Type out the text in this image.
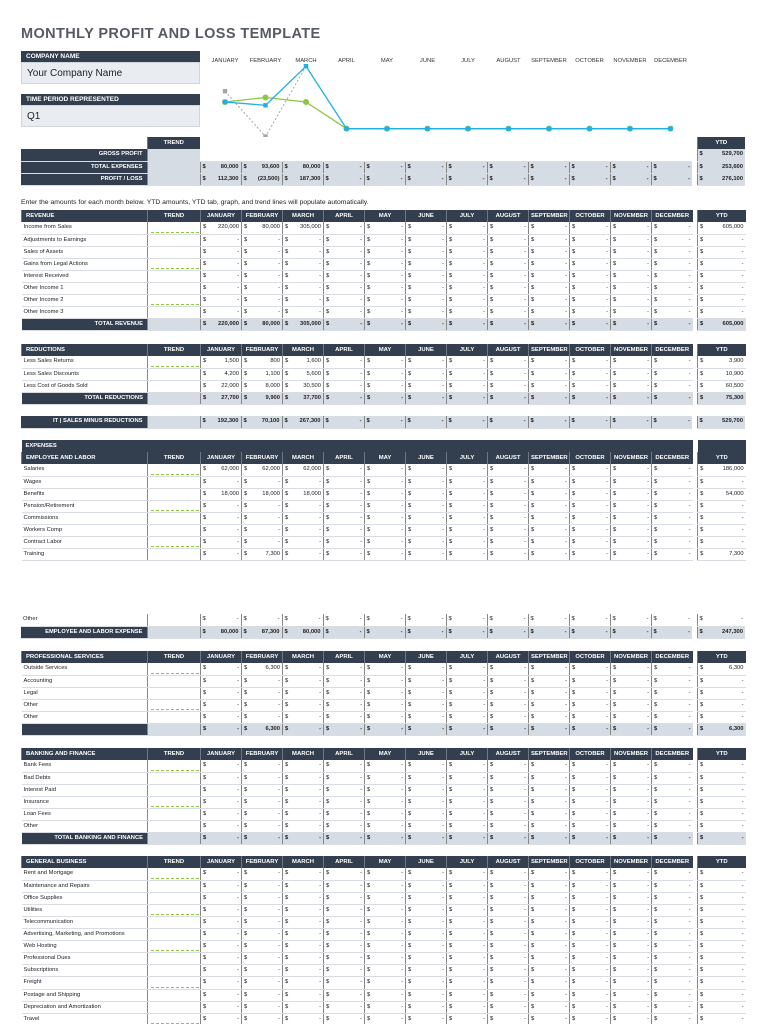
MONTHLY PROFIT AND LOSS TEMPLATE
COMPANY NAME
Your Company Name
TIME PERIOD REPRESENTED
Q1
JANUARY FEBRUARY MARCH	APRIL	MAY	JUNE	JULY	AUGUST SEPTEMBER OCTOBER NOVEMBER DECEMBER
	TREND														YTD
GROSS PROFIT															$ 529,700

TOTAL EXPENSES		$ 80,000	$ 93,600	$ 80,000	$ -	$ -	$ -	$ -	$ -	$ -	$ -	$ -	$ -		$ 253,600

PROFIT / LOSS		$ 112,300	$ (23,500)	$ 187,300	$ -	$ -	$ -	$ -	$ -	$ -	$ -	$ -	$ -		$ 276,100
Enter the amounts for each month below. YTD amounts, YTD tab, graph, and trend lines will populate automatically.
REVENUE	TREND	JANUARY	FEBRUARY	MARCH	APRIL	MAY	JUNE	JULY	AUGUST	SEPTEMBER	OCTOBER	NOVEMBER	DECEMBER		YTD
Income from Sales		$ 220,000	$ 80,000	$ 305,000	$ -	$ -	$ -	$ -	$ -	$ -	$ -	$ -	$ -		$ 605,000

Adjustments to Earnings		$ -	$ -	$ -	$ -	$ -	$ -	$ -	$ -	$ -	$ -	$ -	$ -		$ -

Sales of Assets		$ -	$ -	$ -	$ -	$ -	$ -	$ -	$ -	$ -	$ -	$ -	$ -		$ -

Gains from Legal Actions		$ -	$ -	$ -	$ -	$ -	$ -	$ -	$ -	$ -	$ -	$ -	$ -		$ -

Interest Received		$ -	$ -	$ -	$ -	$ -	$ -	$ -	$ -	$ -	$ -	$ -	$ -		$ -

Other Income 1		$ -	$ -	$ -	$ -	$ -	$ -	$ -	$ -	$ -	$ -	$ -	$ -		$ -

Other Income 2		$ -	$ -	$ -	$ -	$ -	$ -	$ -	$ -	$ -	$ -	$ -	$ -		$ -

Other Income 3		$ -	$ -	$ -	$ -	$ -	$ -	$ -	$ -	$ -	$ -	$ -	$ -		$ -

TOTAL REVENUE		$ 220,000	$ 80,000	$ 305,000	$ -	$ -	$ -	$ -	$ -	$ -	$ -	$ -	$ -		$ 605,000
REDUCTIONS	TREND	JANUARY	FEBRUARY	MARCH	APRIL	MAY	JUNE	JULY	AUGUST	SEPTEMBER	OCTOBER	NOVEMBER	DECEMBER		YTD
Less Sales Returns		$ 1,500	$ 800	$ 1,600	$ -	$ -	$ -	$ -	$ -	$ -	$ -	$ -	$ -		$ 3,900

Less Sales Discounts		$ 4,200	$ 1,100	$ 5,600	$ -	$ -	$ -	$ -	$ -	$ -	$ -	$ -	$ -		$ 10,900

Less Cost of Goods Sold		$ 22,000	$ 8,000	$ 30,500	$ -	$ -	$ -	$ -	$ -	$ -	$ -	$ -	$ -		$ 60,500

TOTAL REDUCTIONS		$ 27,700	$ 9,900	$ 37,700	$ -	$ -	$ -	$ -	$ -	$ -	$ -	$ -	$ -		$ 75,300
IT | SALES MINUS REDUCTIONS		$ 192,300	$	70,100	$ 267,300	$	-	$	-	$	-	$	-	$	-	$	-	$	-	$	-	$	-		$	529,700
EXPENSES															
EMPLOYEE AND LABOR	TREND	JANUARY	FEBRUARY	MARCH	APRIL	MAY	JUNE	JULY	AUGUST	SEPTEMBER	OCTOBER	NOVEMBER	DECEMBER		YTD
Salaries		$ 62,000	$ 62,000	$ 62,000	$ -	$ -	$ -	$ -	$ -	$ -	$ -	$ -	$ -		$ 186,000

Wages		$ -	$ -	$ -	$ -	$ -	$ -	$ -	$ -	$ -	$ -	$ -	$ -		$ -

Benefits		$ 18,000	$ 18,000	$ 18,000	$ -	$ -	$ -	$ -	$ -	$ -	$ -	$ -	$ -		$ 54,000

Pension/Retirement		$ -	$ -	$ -	$ -	$ -	$ -	$ -	$ -	$ -	$ -	$ -	$ -		$ -

Commissions		$ -	$ -	$ -	$ -	$ -	$ -	$ -	$ -	$ -	$ -	$ -	$ -		$ -

Workers Comp		$ -	$ -	$ -	$ -	$ -	$ -	$ -	$ -	$ -	$ -	$ -	$ -		$ -

Contract Labor		$ -	$ -	$ -	$ -	$ -	$ -	$ -	$ -	$ -	$ -	$ -	$ -		$ -

Training		$ -	$ 7,300	$ -	$ -	$ -	$ -	$ -	$ -	$ -	$ -	$ -	$ -		$ 7,300
Other		$ -	$ -	$ -	$ -	$ -	$ -	$ -	$ -	$ -	$ -	$ -	$ -		$ -

EMPLOYEE AND LABOR EXPENSE		$ 80,000	$ 87,300	$ 80,000	$ -	$ -	$ -	$ -	$ -	$ -	$ -	$ -	$ -		$ 247,300
PROFESSIONAL SERVICES	TREND	JANUARY	FEBRUARY	MARCH	APRIL	MAY	JUNE	JULY	AUGUST	SEPTEMBER	OCTOBER	NOVEMBER	DECEMBER		YTD
Outside Services		$ -	$ 6,300	$ -	$ -	$ -	$ -	$ -	$ -	$ -	$ -	$ -	$ -		$ 6,300

Accounting		$ -	$ -	$ -	$ -	$ -	$ -	$ -	$ -	$ -	$ -	$ -	$ -		$ -

Legal		$ -	$ -	$ -	$ -	$ -	$ -	$ -	$ -	$ -	$ -	$ -	$ -		$ -

Other		$ -	$ -	$ -	$ -	$ -	$ -	$ -	$ -	$ -	$ -	$ -	$ -		$ -

Other		$ -	$ -	$ -	$ -	$ -	$ -	$ -	$ -	$ -	$ -	$ -	$ -		$ -

		$ -	$ 6,300	$ -	$ -	$ -	$ -	$ -	$ -	$ -	$ -	$ -	$ -		$ 6,300
BANKING AND FINANCE	TREND	JANUARY	FEBRUARY	MARCH	APRIL	MAY	JUNE	JULY	AUGUST	SEPTEMBER	OCTOBER	NOVEMBER	DECEMBER		YTD
Bank Fees		$ -	$ -	$ -	$ -	$ -	$ -	$ -	$ -	$ -	$ -	$ -	$ -		$ -

Bad Debts		$ -	$ -	$ -	$ -	$ -	$ -	$ -	$ -	$ -	$ -	$ -	$ -		$ -

Interest Paid		$ -	$ -	$ -	$ -	$ -	$ -	$ -	$ -	$ -	$ -	$ -	$ -		$ -

Insurance		$ -	$ -	$ -	$ -	$ -	$ -	$ -	$ -	$ -	$ -	$ -	$ -		$ -

Loan Fees		$ -	$ -	$ -	$ -	$ -	$ -	$ -	$ -	$ -	$ -	$ -	$ -		$ -

Other		$ -	$ -	$ -	$ -	$ -	$ -	$ -	$ -	$ -	$ -	$ -	$ -		$ -

TOTAL BANKING AND FINANCE		$ -	$ -	$ -	$ -	$ -	$ -	$ -	$ -	$ -	$ -	$ -	$ -		$ -
GENERAL BUSINESS	TREND	JANUARY	FEBRUARY	MARCH	APRIL	MAY	JUNE	JULY	AUGUST	SEPTEMBER	OCTOBER	NOVEMBER	DECEMBER		YTD
Rent and Mortgage		$ -	$ -	$ -	$ -	$ -	$ -	$ -	$ -	$ -	$ -	$ -	$ -		$ -

Maintenance and Repairs		$ -	$ -	$ -	$ -	$ -	$ -	$ -	$ -	$ -	$ -	$ -	$ -		$ -

Office Supplies		$ -	$ -	$ -	$ -	$ -	$ -	$ -	$ -	$ -	$ -	$ -	$ -		$ -

Utilities		$ -	$ -	$ -	$ -	$ -	$ -	$ -	$ -	$ -	$ -	$ -	$ -		$ -

Telecommunication		$ -	$ -	$ -	$ -	$ -	$ -	$ -	$ -	$ -	$ -	$ -	$ -		$ -

Advertising, Marketing, and Promotions		$ -	$ -	$ -	$ -	$ -	$ -	$ -	$ -	$ -	$ -	$ -	$ -		$ -

Web Hosting		$ -	$ -	$ -	$ -	$ -	$ -	$ -	$ -	$ -	$ -	$ -	$ -		$ -

Professional Dues		$ -	$ -	$ -	$ -	$ -	$ -	$ -	$ -	$ -	$ -	$ -	$ -		$ -

Subscriptions		$ -	$ -	$ -	$ -	$ -	$ -	$ -	$ -	$ -	$ -	$ -	$ -		$ -

Freight		$ -	$ -	$ -	$ -	$ -	$ -	$ -	$ -	$ -	$ -	$ -	$ -		$ -

Postage and Shipping		$ -	$ -	$ -	$ -	$ -	$ -	$ -	$ -	$ -	$ -	$ -	$ -		$ -

Depreciation and Amortization		$ -	$ -	$ -	$ -	$ -	$ -	$ -	$ -	$ -	$ -	$ -	$ -		$ -

Travel		$ -	$ -	$ -	$ -	$ -	$ -	$ -	$ -	$ -	$ -	$ -	$ -		$ -
